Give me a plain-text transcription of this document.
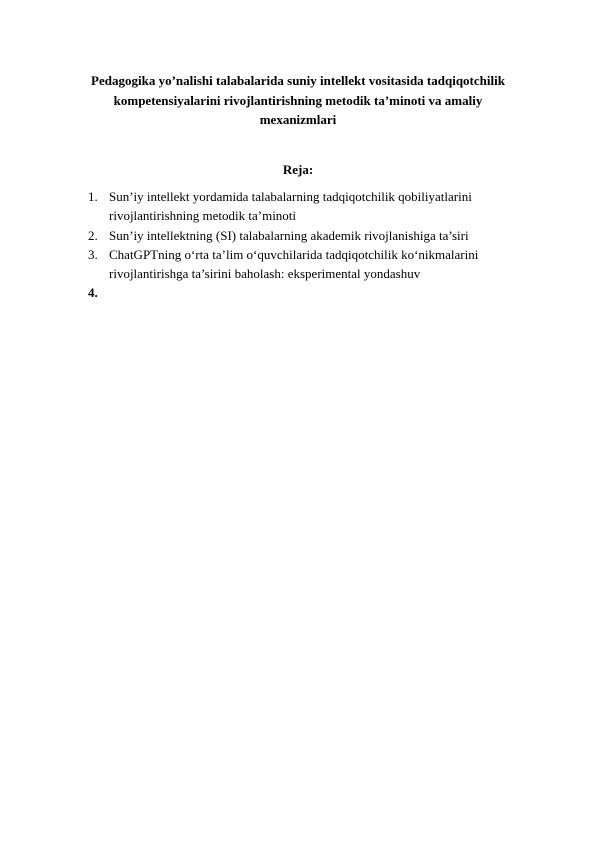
Pedagogika yo’nalishi talabalarida suniy intellekt vositasida tadqiqotchilik
kompetensiyalarini rivojlantirishning metodik ta’minoti va amaliy
mexanizmlari
Reja:
1. Sun’iy intellekt yordamida talabalarning tadqiqotchilik qobiliyatlarini
rivojlantirishning metodik ta’minoti
2. Sun’iy intellektning (SI) talabalarning akademik rivojlanishiga ta’siri
3. ChatGPTning o‘rta ta’lim o‘quvchilarida tadqiqotchilik ko‘nikmalarini
rivojlantirishga ta’sirini baholash: eksperimental yondashuv
4.
